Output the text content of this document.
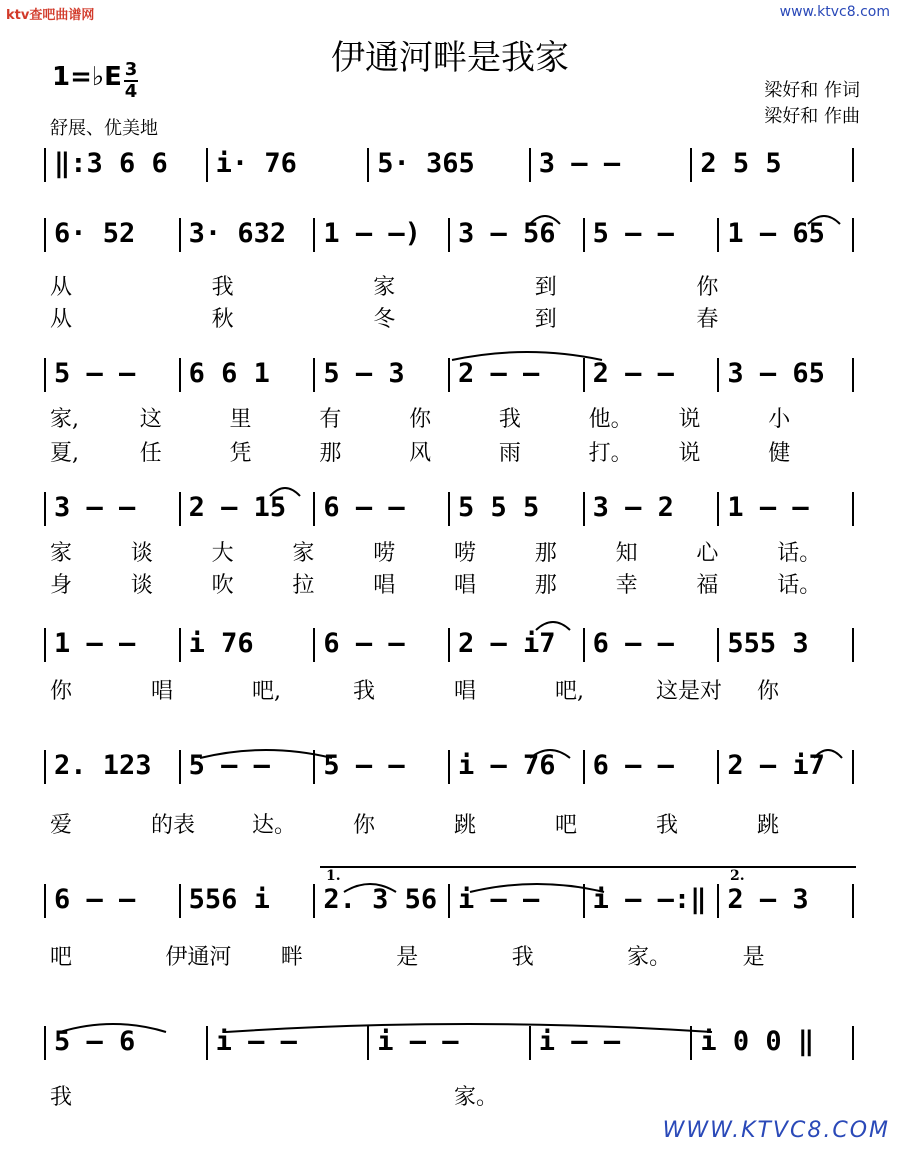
ktv查吧曲谱网	www.ktvc8.com
伊通河畔是我家
1=♭E 3
4
舒展、优美地
梁好和 作词
梁好和 作曲
‖:3 6 6 i· 76	5· 365 3 – –	2 5 5
6· 52 3· 632 1 – –) 3 – 56 5 – – 1 – 65
从	我	家	到	你
从	秋	冬	到	春
5 – – 6 6 1 5 – 3 2 – – 2 – – 3 – 65
家,	这	里	有	你	我	他。 说	小
夏,	任	凭	那	风	雨	打。 说	健
3 – – 2 – 15 6 – – 5 5 5 3 – 2 1 – –
家	谈	大	家	唠	唠	那	知	心	话。
身	谈	吹	拉	唱	唱	那	幸	福	话。
1 – – i 76	6 – – 2 – i7 6 – – 555 3
你	唱	吧,	我	唱	吧,	这是对 你
2. 123 5 – – 5 – – i – 76 6 – – 2 – i7
爱	的表	达。	你	跳	吧	我	跳
6 – – 556 i 2. 3 56 i – – i – –:‖ 2 – 3
吧	伊通河 畔	是	我	家。	是
1.	2.
5 – 6	i – –	i – –	i – –	i 0 0 ‖
我	家。
WWW.KTVC8.COM
